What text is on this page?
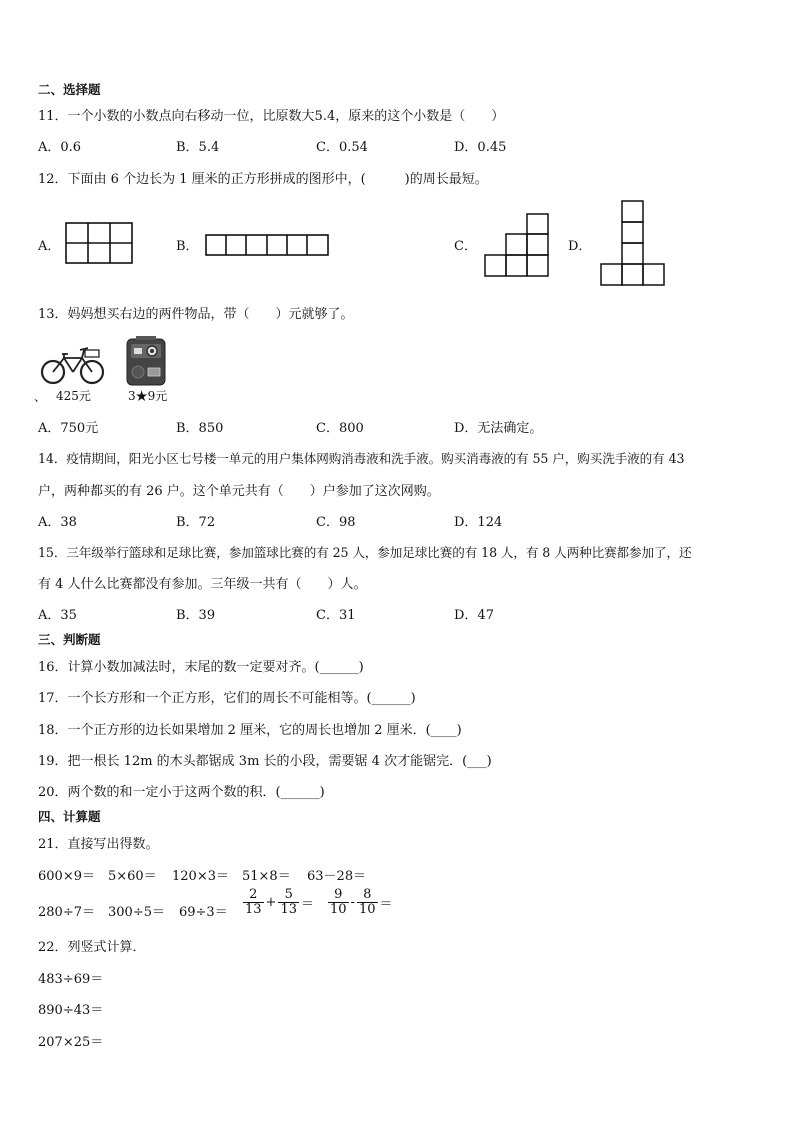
二、选择题
11．一个小数的小数点向右移动一位，比原数大5.4，原来的这个小数是（　　）
A．0.6	B．5.4	C．0.54	D．0.45
12．下面由 6 个边长为 1 厘米的正方形拼成的图形中，(　　　)的周长最短。
A．	B．	C．	D．
13．妈妈想买右边的两件物品，带（　　）元就够了。
、 425元	3★9元
A．750元	B．850	C．800	D．无法确定。
14．疫情期间，阳光小区七号楼一单元的用户集体网购消毒液和洗手液。购买消毒液的有 55 户，购买洗手液的有 43
户，两种都买的有 26 户。这个单元共有（　　）户参加了这次网购。
A．38	B．72	C．98	D．124
15．三年级举行篮球和足球比赛，参加篮球比赛的有 25 人，参加足球比赛的有 18 人，有 8 人两种比赛都参加了，还
有 4 人什么比赛都没有参加。三年级一共有（　　）人。
A．35	B．39	C．31	D．47
三、判断题
16．计算小数加减法时，末尾的数一定要对齐。(______)
17．一个长方形和一个正方形，它们的周长不可能相等。(______)
18．一个正方形的边长如果增加 2 厘米，它的周长也增加 2 厘米．(____)
19．把一根长 12m 的木头都锯成 3m 长的小段，需要锯 4 次才能锯完．(___)
20．两个数的和一定小于这两个数的积．(______)
四、计算题
21．直接写出得数。
600×9＝ 5×60＝ 120×3＝ 51×8＝ 63－28＝
$280\div 7= 300\div 5= 69\div 3= \frac{2}{13} + \frac{5}{13} = \frac{9}{10} - \frac{8}{10}$ ＝
22．列竖式计算．
483÷69＝
890÷43＝
207×25＝
